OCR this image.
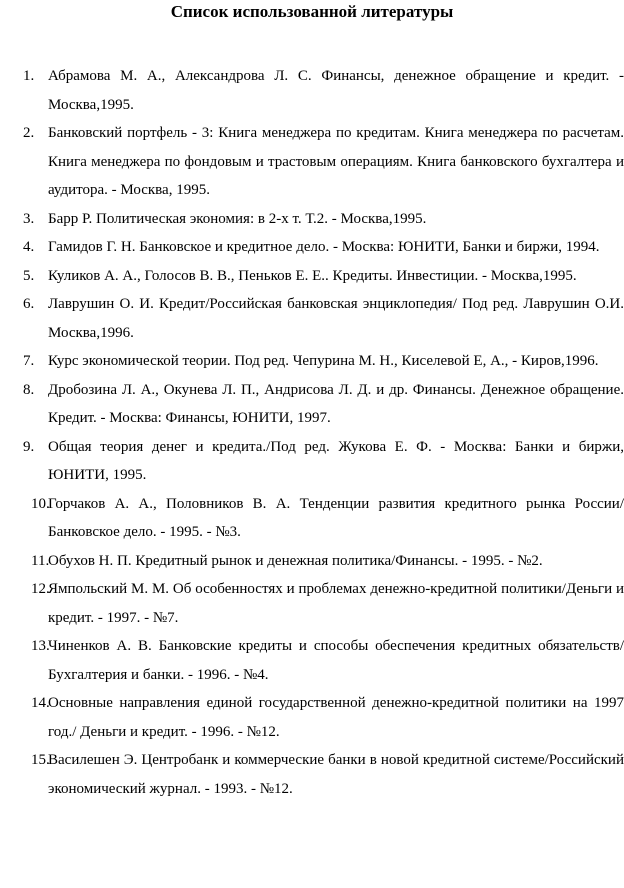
Список использованной литературы
1. Абрамова М. А., Александрова Л. С. Финансы, денежное обращение и кредит. - Москва,1995.
2. Банковский портфель - 3: Книга менеджера по кредитам. Книга менеджера по расчетам. Книга менеджера по фондовым и трастовым операциям. Книга банковского бухгалтера и аудитора. - Москва, 1995.
3. Барр Р. Политическая экономия: в 2-х т. Т.2. - Москва,1995.
4. Гамидов Г. Н. Банковское и кредитное дело. - Москва: ЮНИТИ, Банки и биржи, 1994.
5. Куликов А. А., Голосов В. В., Пеньков Е. Е.. Кредиты. Инвестиции. - Москва,1995.
6. Лаврушин О. И. Кредит/Российская банковская энциклопедия/ Под ред. Лаврушин О.И. Москва,1996.
7. Курс экономической теории. Под ред. Чепурина М. Н., Киселевой Е, А., - Киров,1996.
8. Дробозина Л. А., Окунева Л. П., Андрисова Л. Д. и др. Финансы. Денежное обращение. Кредит. - Москва: Финансы, ЮНИТИ, 1997.
9. Общая теория денег и кредита./Под ред. Жукова Е. Ф. - Москва: Банки и биржи, ЮНИТИ, 1995.
10.
Горчаков А. А., Половников В. А. Тенденции развития кредитного рынка России/Банковское дело. - 1995. - №3.
11.
Обухов Н. П. Кредитный рынок и денежная политика/Финансы. - 1995. - №2.
12.
Ямпольский М. М. Об особенностях и проблемах денежно-кредитной политики/Деньги и кредит. - 1997. - №7.
13.
Чиненков А. В. Банковские кредиты и способы обеспечения кредитных обязательств/Бухгалтерия и банки. - 1996. - №4.
14.
Основные направления единой государственной денежно-кредитной политики на 1997 год./ Деньги и кредит. - 1996. - №12.
15.
Василешен Э. Центробанк и коммерческие банки в новой кредитной системе/Российский экономический журнал. - 1993. - №12.
